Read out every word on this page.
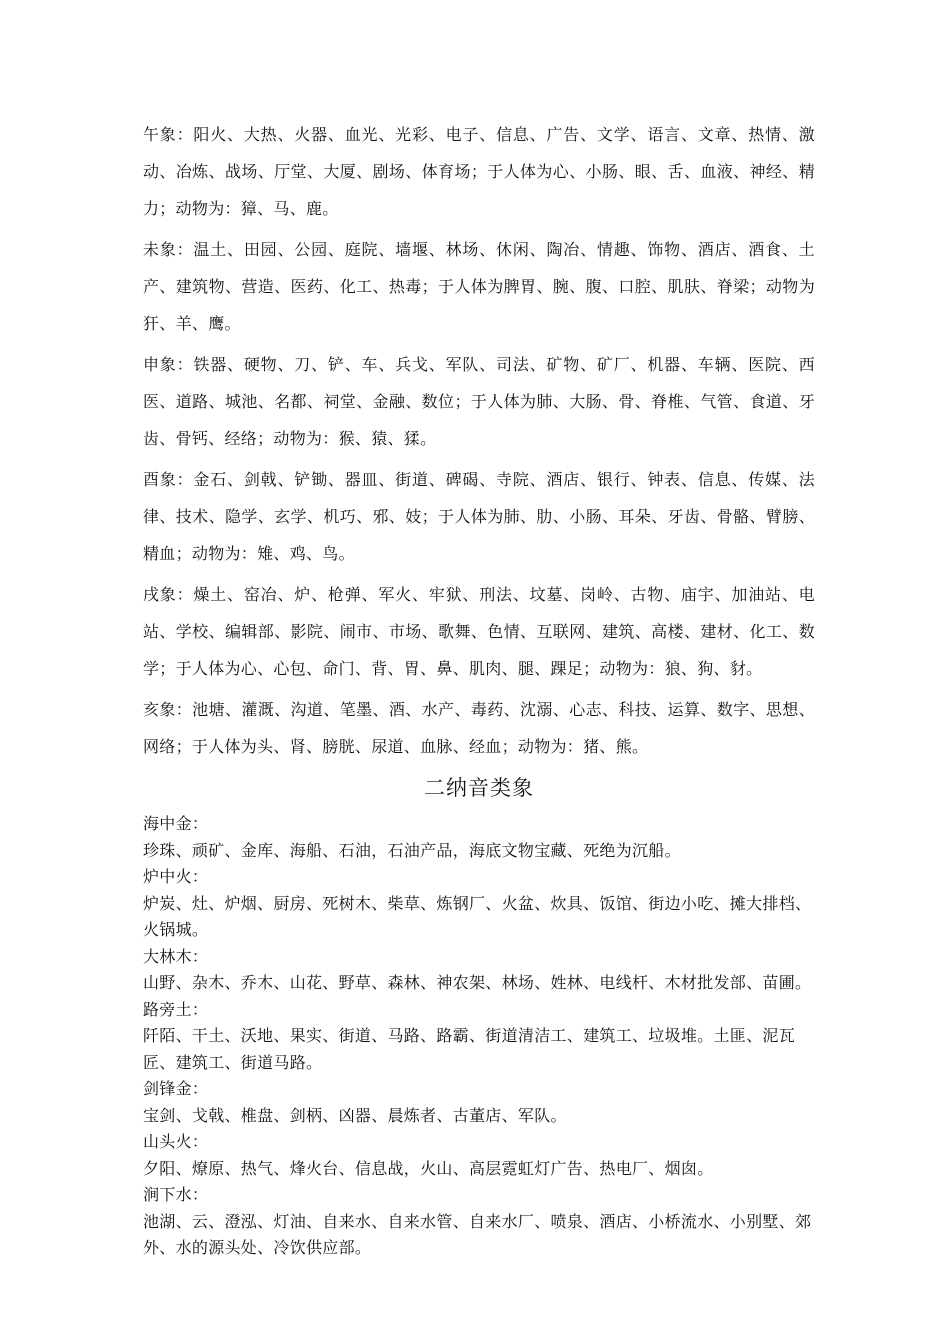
午象：阳火、大热、火器、血光、光彩、电子、信息、广告、文学、语言、文章、热情、激动、冶炼、战场、厅堂、大厦、剧场、体育场；于人体为心、小肠、眼、舌、血液、神经、精力；动物为：獐、马、鹿。

未象：温土、田园、公园、庭院、墙堰、林场、休闲、陶冶、情趣、饰物、酒店、酒食、土产、建筑物、营造、医药、化工、热毒；于人体为脾胃、腕、腹、口腔、肌肤、脊梁；动物为犴、羊、鹰。

申象：铁器、硬物、刀、铲、车、兵戈、军队、司法、矿物、矿厂、机器、车辆、医院、西医、道路、城池、名都、祠堂、金融、数位；于人体为肺、大肠、骨、脊椎、气管、食道、牙齿、骨钙、经络；动物为：猴、猿、猱。

酉象：金石、剑戟、铲锄、器皿、街道、碑碣、寺院、酒店、银行、钟表、信息、传媒、法律、技术、隐学、玄学、机巧、邪、妓；于人体为肺、肋、小肠、耳朵、牙齿、骨骼、臂膀、精血；动物为：雉、鸡、鸟。

戌象：燥土、窑冶、炉、枪弹、军火、牢狱、刑法、坟墓、岗岭、古物、庙宇、加油站、电站、学校、编辑部、影院、闹市、市场、歌舞、色情、互联网、建筑、高楼、建材、化工、数学；于人体为心、心包、命门、背、胃、鼻、肌肉、腿、踝足；动物为：狼、狗、豺。

亥象：池塘、灌溉、沟道、笔墨、酒、水产、毒药、沈溺、心志、科技、运算、数字、思想、网络；于人体为头、肾、膀胱、尿道、血脉、经血；动物为：猪、熊。

二纳音类象

海中金：

珍珠、顽矿、金库、海船、石油，石油产品，海底文物宝藏、死绝为沉船。

炉中火：

炉炭、灶、炉烟、厨房、死树木、柴草、炼钢厂、火盆、炊具、饭馆、街边小吃、摊大排档、火锅城。

大林木：

山野、杂木、乔木、山花、野草、森林、神农架、林场、姓林、电线杆、木材批发部、苗圃。

路旁土：

阡陌、干土、沃地、果实、街道、马路、路霸、街道清洁工、建筑工、垃圾堆。土匪、泥瓦匠、建筑工、街道马路。

剑锋金：

宝剑、戈戟、椎盘、剑柄、凶器、晨炼者、古董店、军队。

山头火：

夕阳、燎原、热气、烽火台、信息战，火山、高层霓虹灯广告、热电厂、烟囱。

涧下水：

池湖、云、澄泓、灯油、自来水、自来水管、自来水厂、喷泉、酒店、小桥流水、小别墅、郊外、水的源头处、冷饮供应部。
